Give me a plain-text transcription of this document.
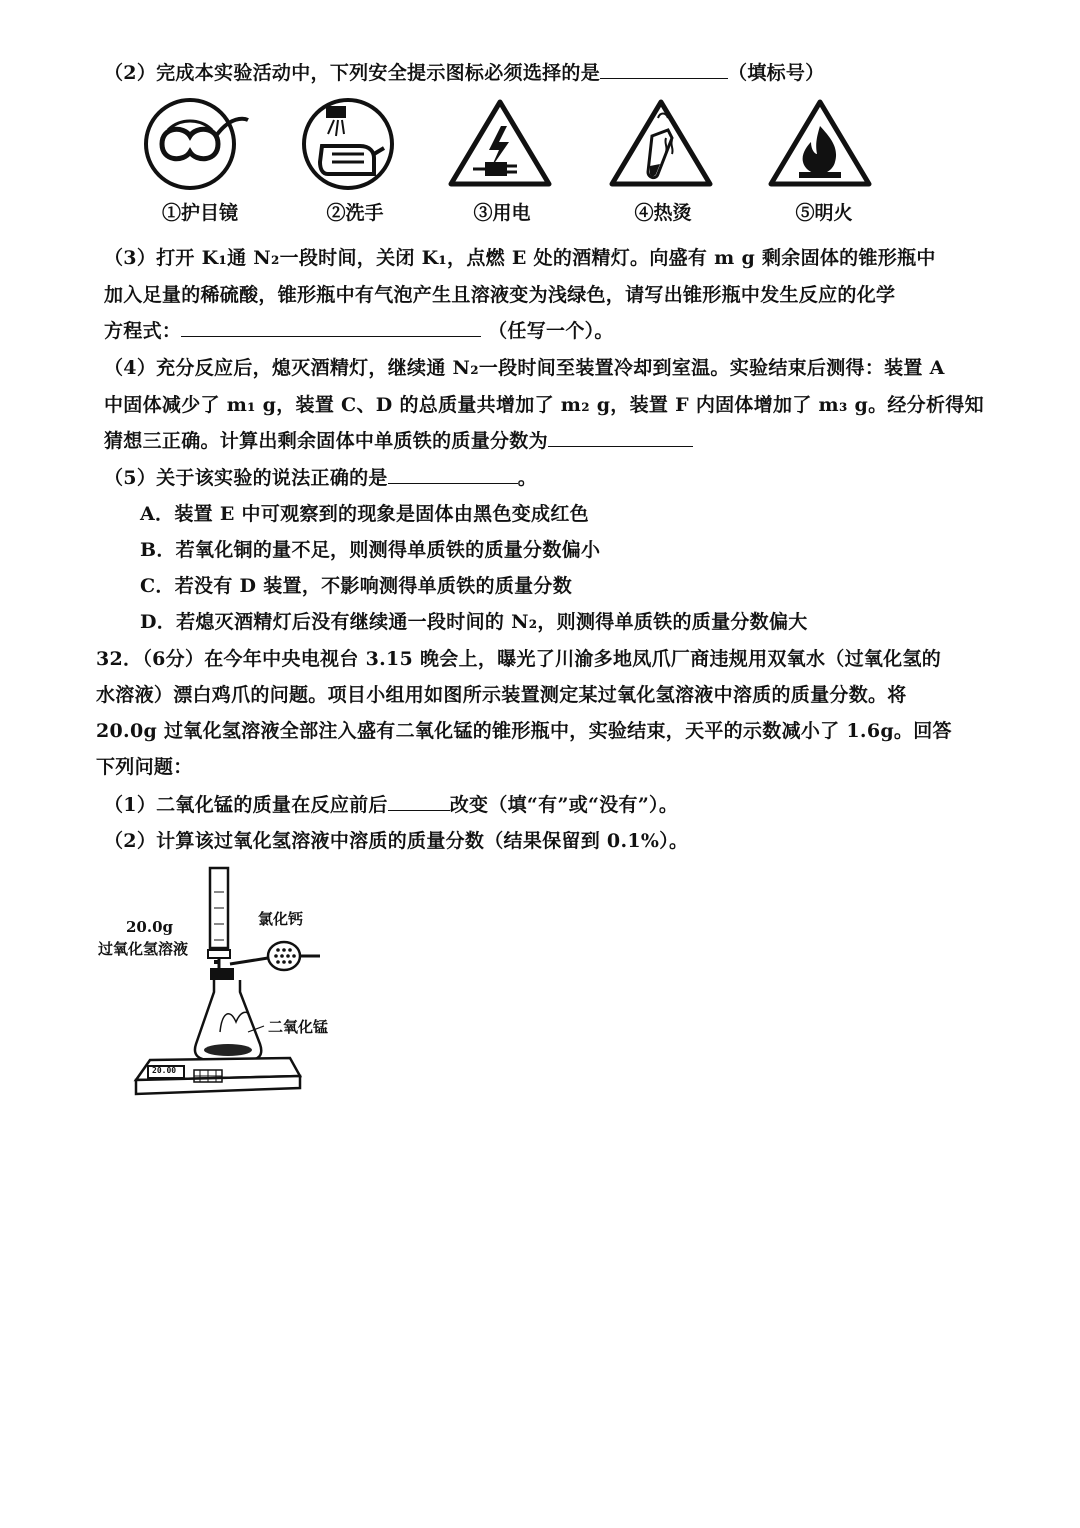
（2）完成本实验活动中，下列安全提示图标必须选择的是	（填标号）
①护目镜	②洗手	③用电	④热烫	⑤明火
（3）打开 K₁通 N₂一段时间，关闭 K₁，点燃 E 处的酒精灯。向盛有 m g 剩余固体的锥形瓶中
加入足量的稀硫酸，锥形瓶中有气泡产生且溶液变为浅绿色，请写出锥形瓶中发生反应的化学
方程式：	（任写一个）。
（4）充分反应后，熄灭酒精灯，继续通 N₂一段时间至装置冷却到室温。实验结束后测得：装置 A
中固体减少了 m₁ g，装置 C、D 的总质量共增加了 m₂ g，装置 F 内固体增加了 m₃ g。经分析得知
猜想三正确。计算出剩余固体中单质铁的质量分数为
（5）关于该实验的说法正确的是	。
A．装置 E 中可观察到的现象是固体由黑色变成红色
B．若氧化铜的量不足，则测得单质铁的质量分数偏小
C．若没有 D 装置，不影响测得单质铁的质量分数
D．若熄灭酒精灯后没有继续通一段时间的 N₂，则测得单质铁的质量分数偏大
32．（6分）在今年中央电视台 3.15 晚会上，曝光了川渝多地凤爪厂商违规用双氧水（过氧化氢的
水溶液）漂白鸡爪的问题。项目小组用如图所示装置测定某过氧化氢溶液中溶质的质量分数。将
20.0g 过氧化氢溶液全部注入盛有二氧化锰的锥形瓶中，实验结束，天平的示数减小了 1.6g。回答
下列问题：
（1）二氧化锰的质量在反应前后	改变（填“有”或“没有”）。
（2）计算该过氧化氢溶液中溶质的质量分数（结果保留到 0.1%）。
20.00
20.0g
过氧化氢溶液
氯化钙
二氧化锰
